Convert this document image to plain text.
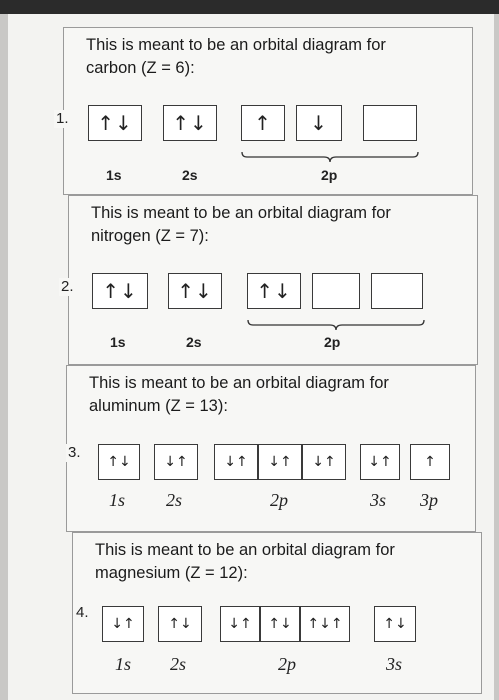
This is meant to be an orbital diagram for
carbon (Z = 6):
1.	↑↓	↑↓	↑	↓
1s	2s	2p
This is meant to be an orbital diagram for
nitrogen (Z = 7):
2.	↑↓	↑↓	↑↓
1s	2s	2p
This is meant to be an orbital diagram for
aluminum (Z = 13):
3.
↑↓	↓↑	↓↑	↓↑	↓↑	↓↑	↑
1s 2s	2p	3s 3p
This is meant to be an orbital diagram for
magnesium (Z = 12):
4.
↓↑	↑↓	↓↑	↑↓	↑↓↑	↑↓
1s 2s	2p	3s
